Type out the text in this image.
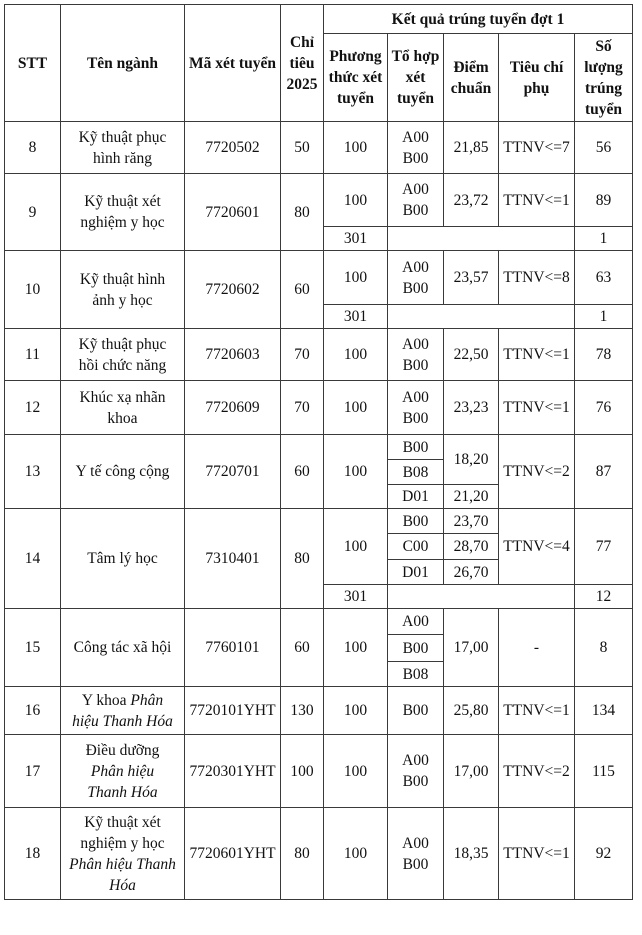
STT	Tên ngành	Mã xét tuyển	Chỉ
tiêu
2025	Kết quả trúng tuyển đợt 1				

				Phương
thức xét
tuyển	Tổ hợp
xét
tuyển	Điểm
chuẩn	Tiêu chí
phụ	Số
lượng
trúng
tuyển

8	Kỹ thuật phục
hình răng	7720502	50	100	A00
B00	21,85	TTNV<=7	56
9	Kỹ thuật xét
nghiệm y học	7720601	80	100	A00
B00	23,72	TTNV<=1	89
				301				1
10	Kỹ thuật hình
ảnh y học	7720602	60	100	A00
B00	23,57	TTNV<=8	63
				301				1
11	Kỹ thuật phục
hồi chức năng	7720603	70	100	A00
B00	22,50	TTNV<=1	78
12	Khúc xạ nhãn
khoa	7720609	70	100	A00
B00	23,23	TTNV<=1	76
13	Y tế công cộng	7720701	60	100	B00	18,20	TTNV<=2	87
					B08			
					D01	21,20		
14	Tâm lý học	7310401	80	100	B00	23,70	TTNV<=4	77
					C00	28,70		
					D01	26,70		
				301				12
15	Công tác xã hội	7760101	60	100	A00	17,00	-	8
					B00			
					B08			
16	Y khoa Phân
hiệu Thanh Hóa	7720101YHT	130	100	B00	25,80	TTNV<=1	134
17	Điều dưỡng
Phân hiệu
Thanh Hóa	7720301YHT	100	100	A00
B00	17,00	TTNV<=2	115
18	Kỹ thuật xét
nghiệm y học
Phân hiệu Thanh
Hóa	7720601YHT	80	100	A00
B00	18,35	TTNV<=1	92
